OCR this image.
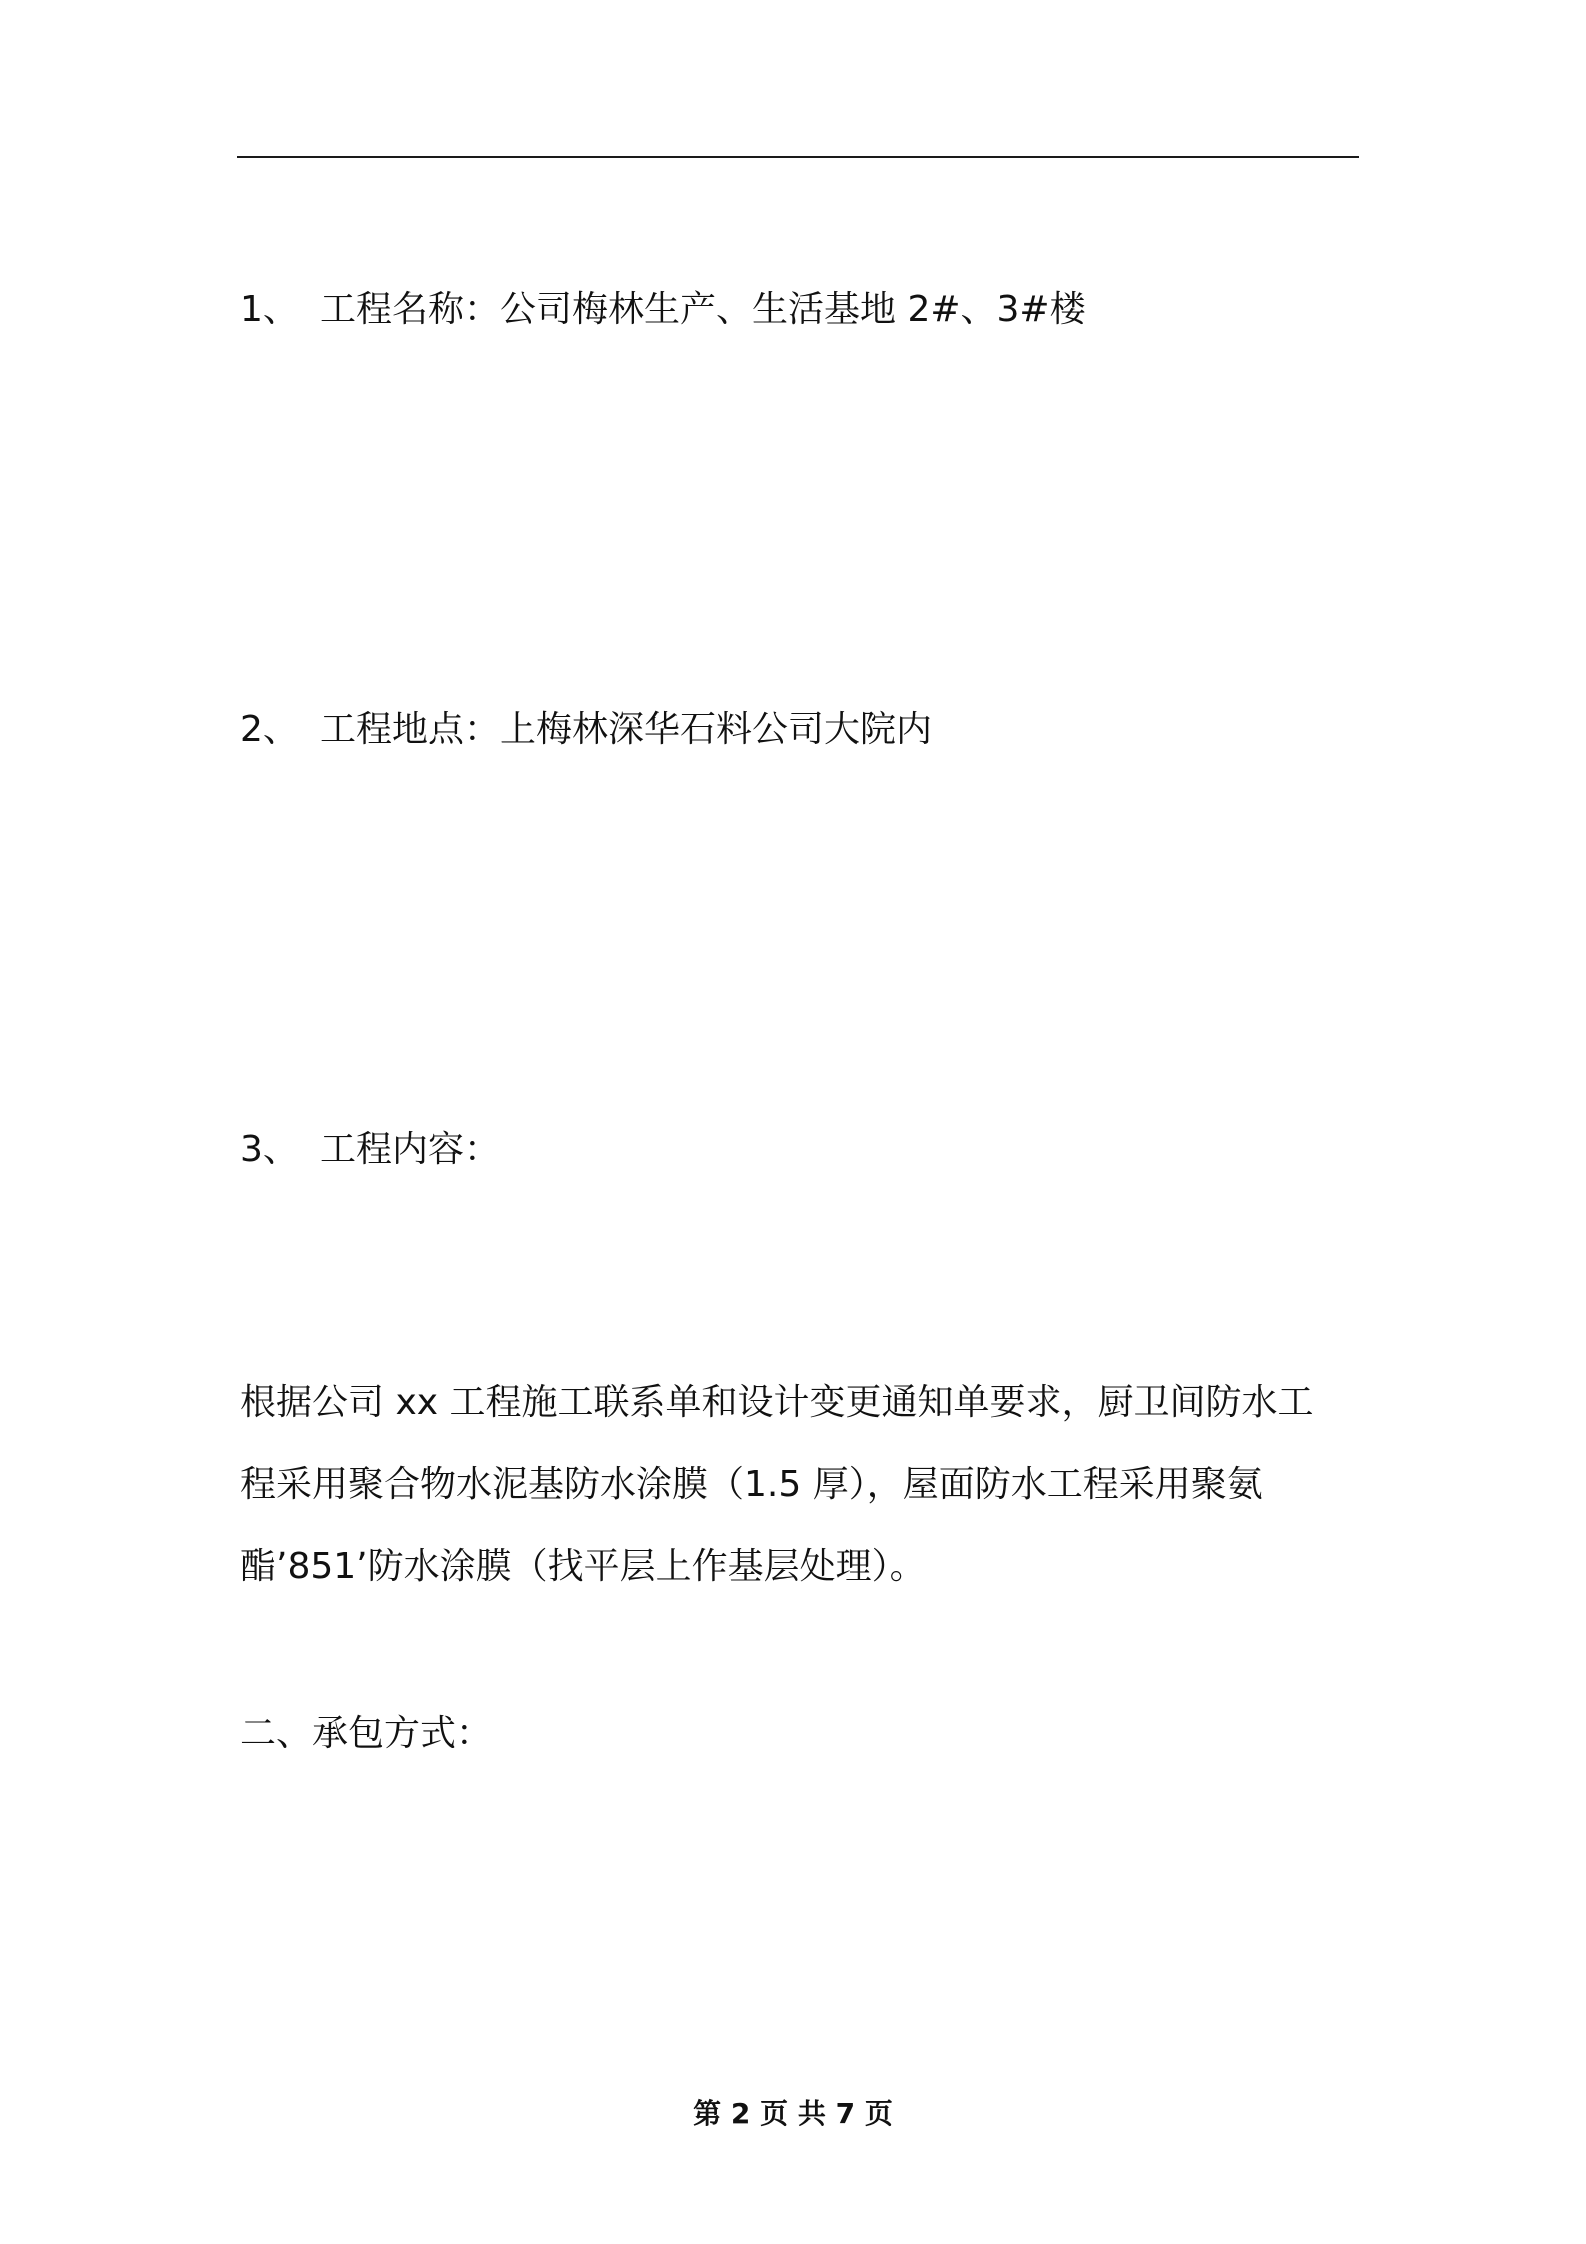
1、 工程名称：公司梅林生产、生活基地 2#、3#楼
2、 工程地点：上梅林深华石料公司大院内
3、 工程内容：
根据公司 xx 工程施工联系单和设计变更通知单要求，厨卫间防水工
程采用聚合物水泥基防水涂膜（1.5 厚），屋面防水工程采用聚氨
酯’851’防水涂膜（找平层上作基层处理）。
二、承包方式：
第 2 页 共 7 页
